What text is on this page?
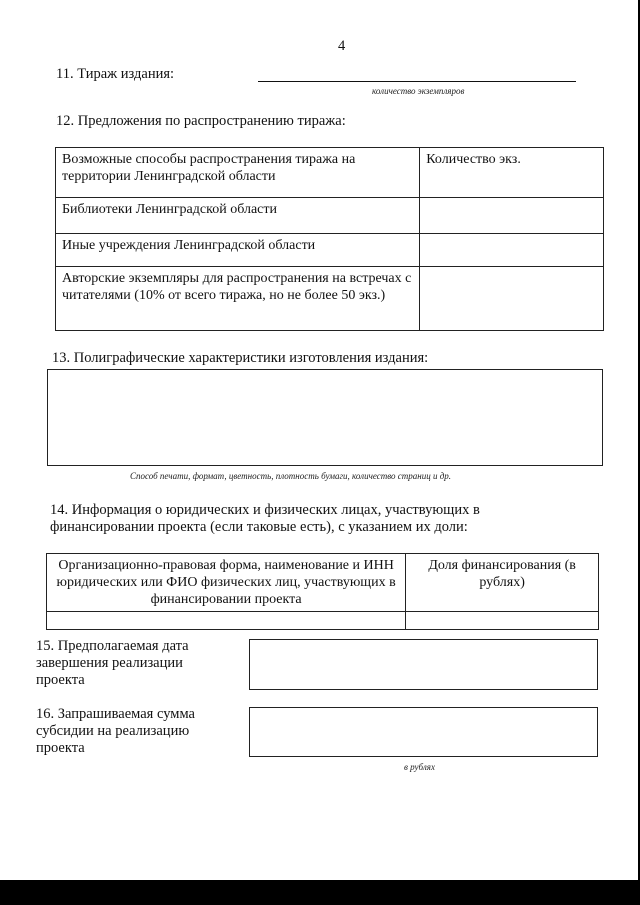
4
11. Тираж издания:
количество экземпляров
12. Предложения по распространению тиража:
Возможные способы распространения тиража на территории Ленинградской области	Количество экз.
Библиотеки Ленинградской области	
Иные учреждения Ленинградской области	
Авторские экземпляры для распространения на встречах с читателями (10% от всего тиража, но не более 50 экз.)	
13. Полиграфические характеристики изготовления издания:
Способ печати, формат, цветность, плотность бумаги, количество страниц и др.
14. Информация о юридических и физических лицах, участвующих в финансировании проекта (если таковые есть), с указанием их доли:
Организационно-правовая форма, наименование и ИНН юридических или ФИО физических лиц, участвующих в финансировании проекта	Доля финансирования (в рублях)

15. Предполагаемая дата завершения реализации проекта
16. Запрашиваемая сумма субсидии на реализацию проекта
в рублях
